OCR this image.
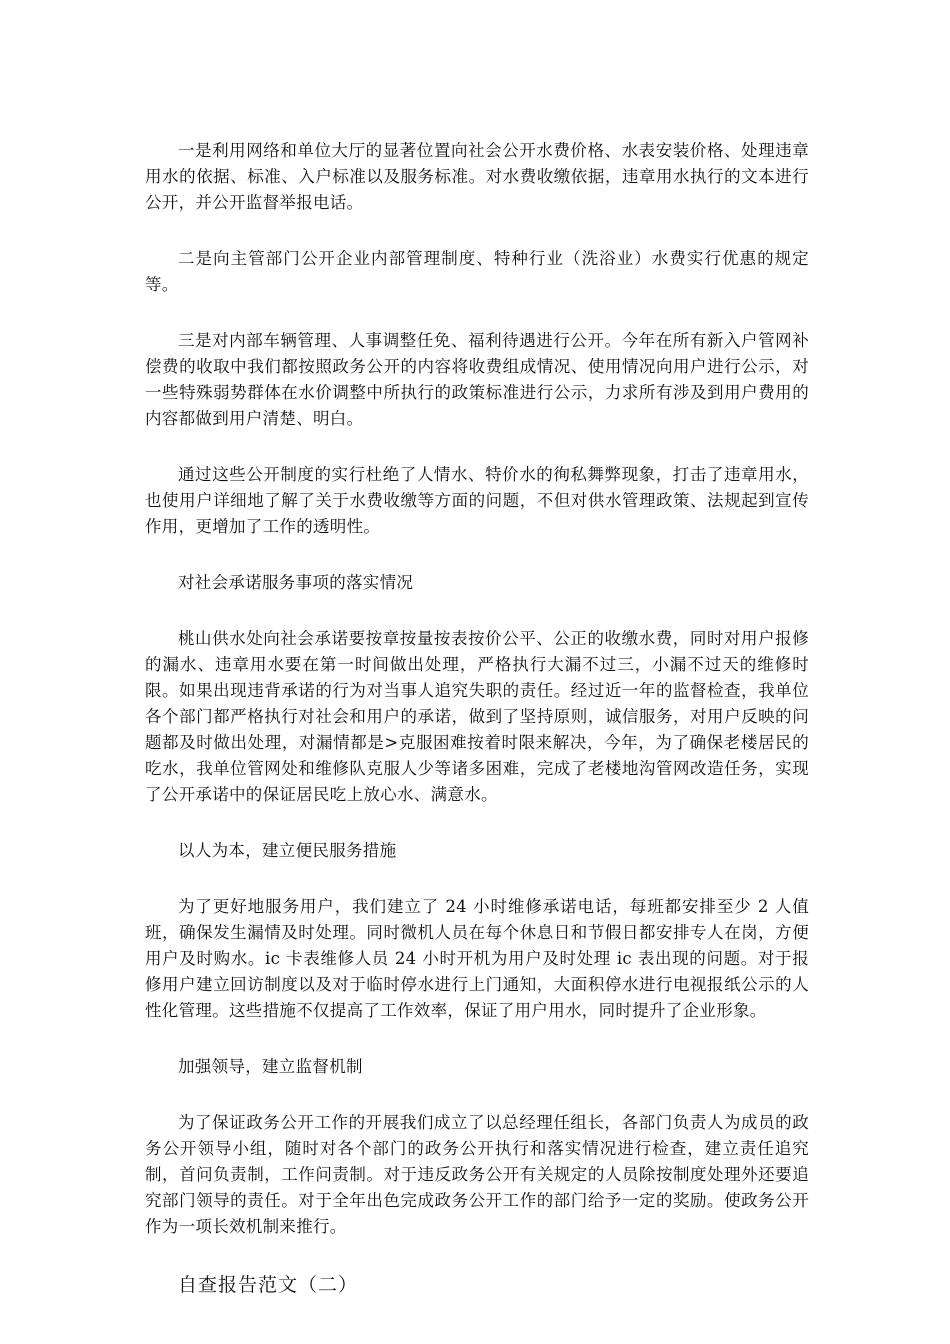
一是利用网络和单位大厅的显著位置向社会公开水费价格、水表安装价格、处理违章用水的依据、标准、入户标准以及服务标准。对水费收缴依据，违章用水执行的文本进行公开，并公开监督举报电话。

二是向主管部门公开企业内部管理制度、特种行业（洗浴业）水费实行优惠的规定等。

三是对内部车辆管理、人事调整任免、福利待遇进行公开。今年在所有新入户管网补偿费的收取中我们都按照政务公开的内容将收费组成情况、使用情况向用户进行公示，对一些特殊弱势群体在水价调整中所执行的政策标准进行公示，力求所有涉及到用户费用的内容都做到用户清楚、明白。

通过这些公开制度的实行杜绝了人情水、特价水的徇私舞弊现象，打击了违章用水，也使用户详细地了解了关于水费收缴等方面的问题，不但对供水管理政策、法规起到宣传作用，更增加了工作的透明性。

对社会承诺服务事项的落实情况

桃山供水处向社会承诺要按章按量按表按价公平、公正的收缴水费，同时对用户报修的漏水、违章用水要在第一时间做出处理，严格执行大漏不过三，小漏不过天的维修时限。如果出现违背承诺的行为对当事人追究失职的责任。经过近一年的监督检查，我单位各个部门都严格执行对社会和用户的承诺，做到了坚持原则，诚信服务，对用户反映的问题都及时做出处理，对漏情都是>克服困难按着时限来解决，今年，为了确保老楼居民的吃水，我单位管网处和维修队克服人少等诸多困难，完成了老楼地沟管网改造任务，实现了公开承诺中的保证居民吃上放心水、满意水。

以人为本，建立便民服务措施

为了更好地服务用户，我们建立了 24 小时维修承诺电话，每班都安排至少 2 人值班，确保发生漏情及时处理。同时微机人员在每个休息日和节假日都安排专人在岗，方便用户及时购水。ic 卡表维修人员 24 小时开机为用户及时处理 ic 表出现的问题。对于报修用户建立回访制度以及对于临时停水进行上门通知，大面积停水进行电视报纸公示的人性化管理。这些措施不仅提高了工作效率，保证了用户用水，同时提升了企业形象。

加强领导，建立监督机制

为了保证政务公开工作的开展我们成立了以总经理任组长，各部门负责人为成员的政务公开领导小组，随时对各个部门的政务公开执行和落实情况进行检查，建立责任追究制，首问负责制，工作问责制。对于违反政务公开有关规定的人员除按制度处理外还要追究部门领导的责任。对于全年出色完成政务公开工作的部门给予一定的奖励。使政务公开作为一项长效机制来推行。

自查报告范文（二）
